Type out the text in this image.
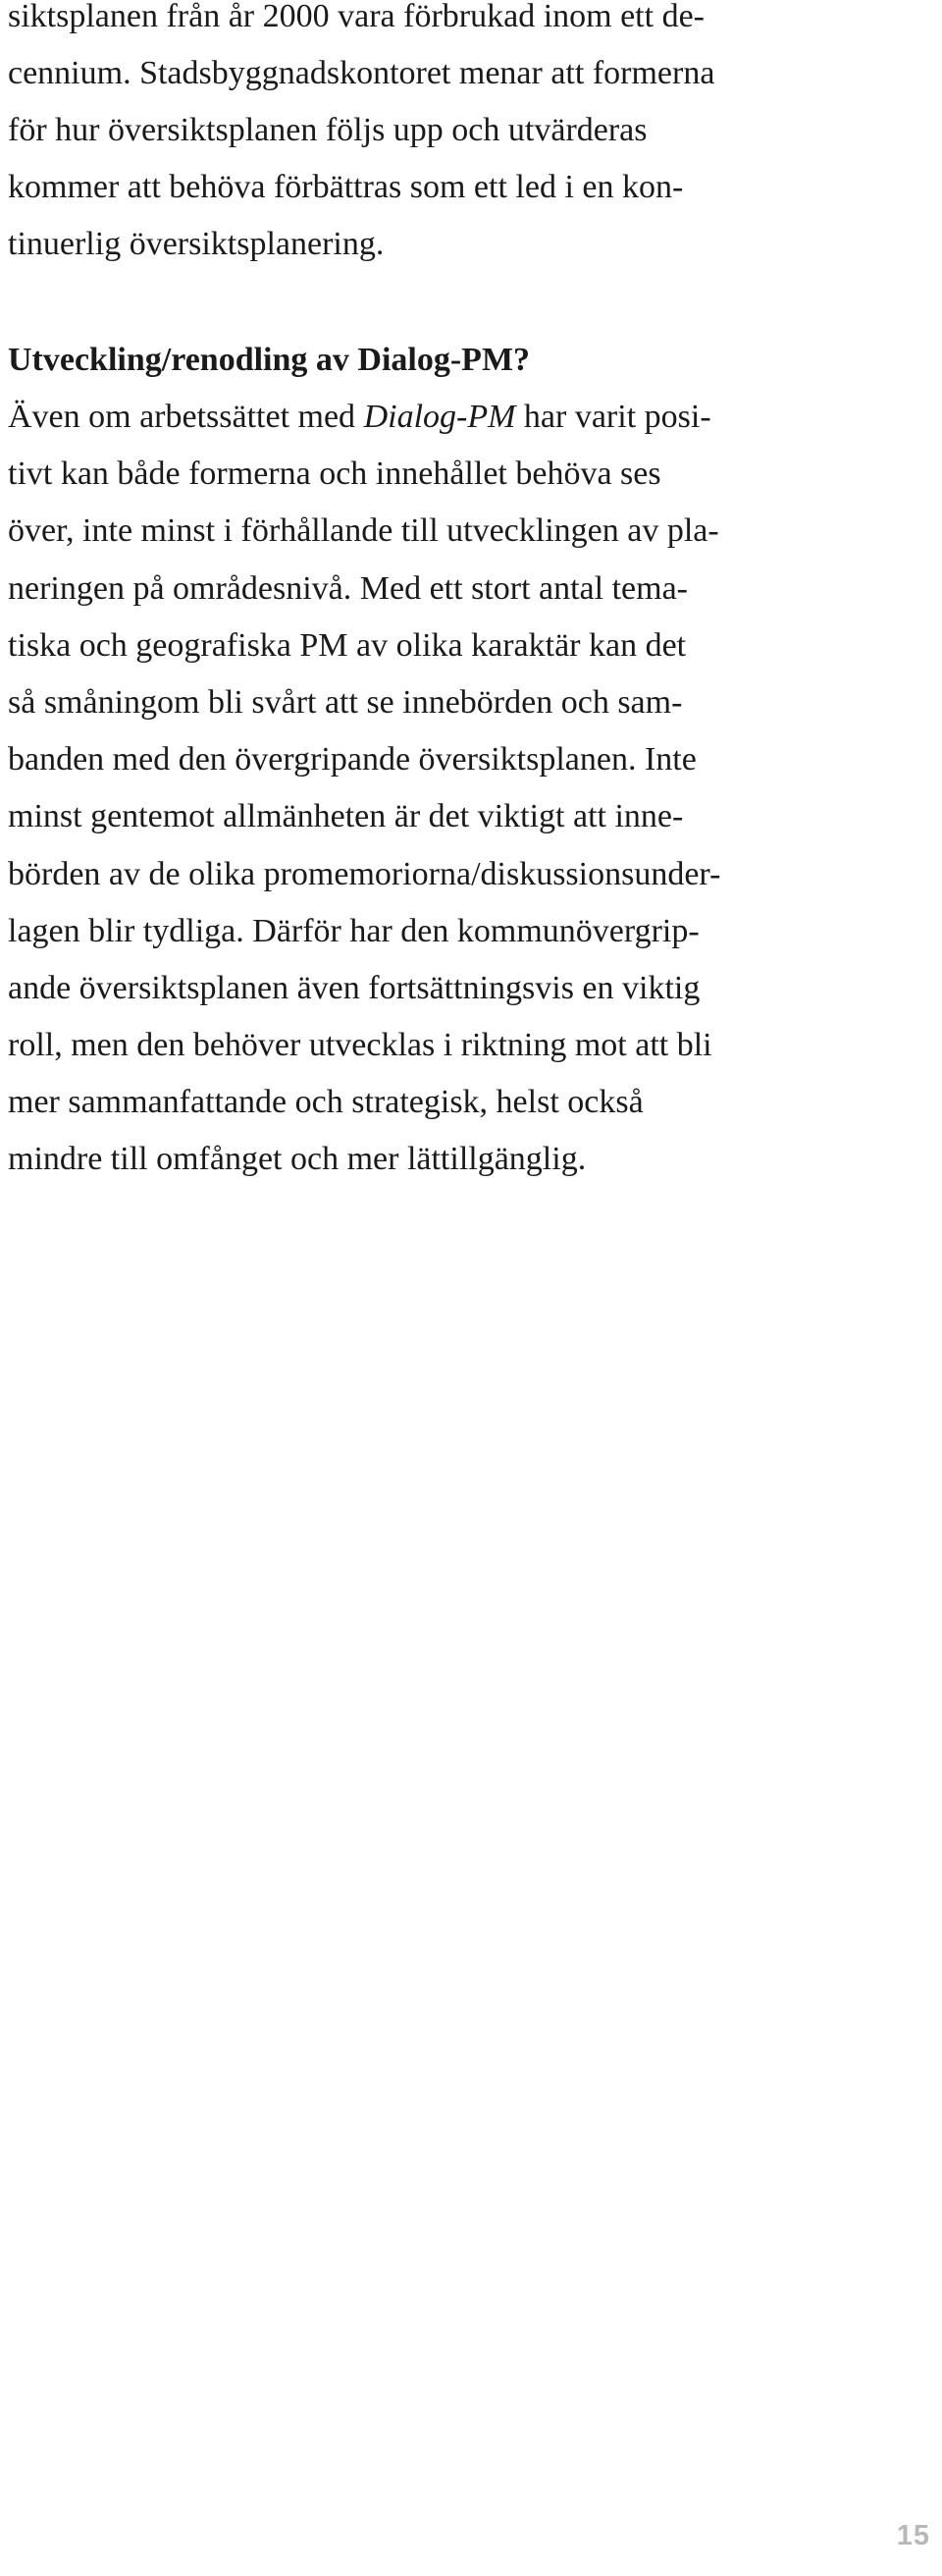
siktsplanen från år 2000 vara förbrukad inom ett de-
cennium. Stadsbyggnadskontoret menar att formerna
för hur översiktsplanen följs upp och utvärderas
kommer att behöva förbättras som ett led i en kon-
tinuerlig översiktsplanering.
Utveckling/renodling av Dialog-PM?
Även om arbetssättet med Dialog-PM har varit posi-
tivt kan både formerna och innehållet behöva ses
över, inte minst i förhållande till utvecklingen av pla-
neringen på områdesnivå. Med ett stort antal tema-
tiska och geografiska PM av olika karaktär kan det
så småningom bli svårt att se innebörden och sam-
banden med den övergripande översiktsplanen. Inte
minst gentemot allmänheten är det viktigt att inne-
börden av de olika promemoriorna/diskussionsunder-
lagen blir tydliga. Därför har den kommunövergrip-
ande översiktsplanen även fortsättningsvis en viktig
roll, men den behöver utvecklas i riktning mot att bli
mer sammanfattande och strategisk, helst också
mindre till omfånget och mer lättillgänglig.
15
